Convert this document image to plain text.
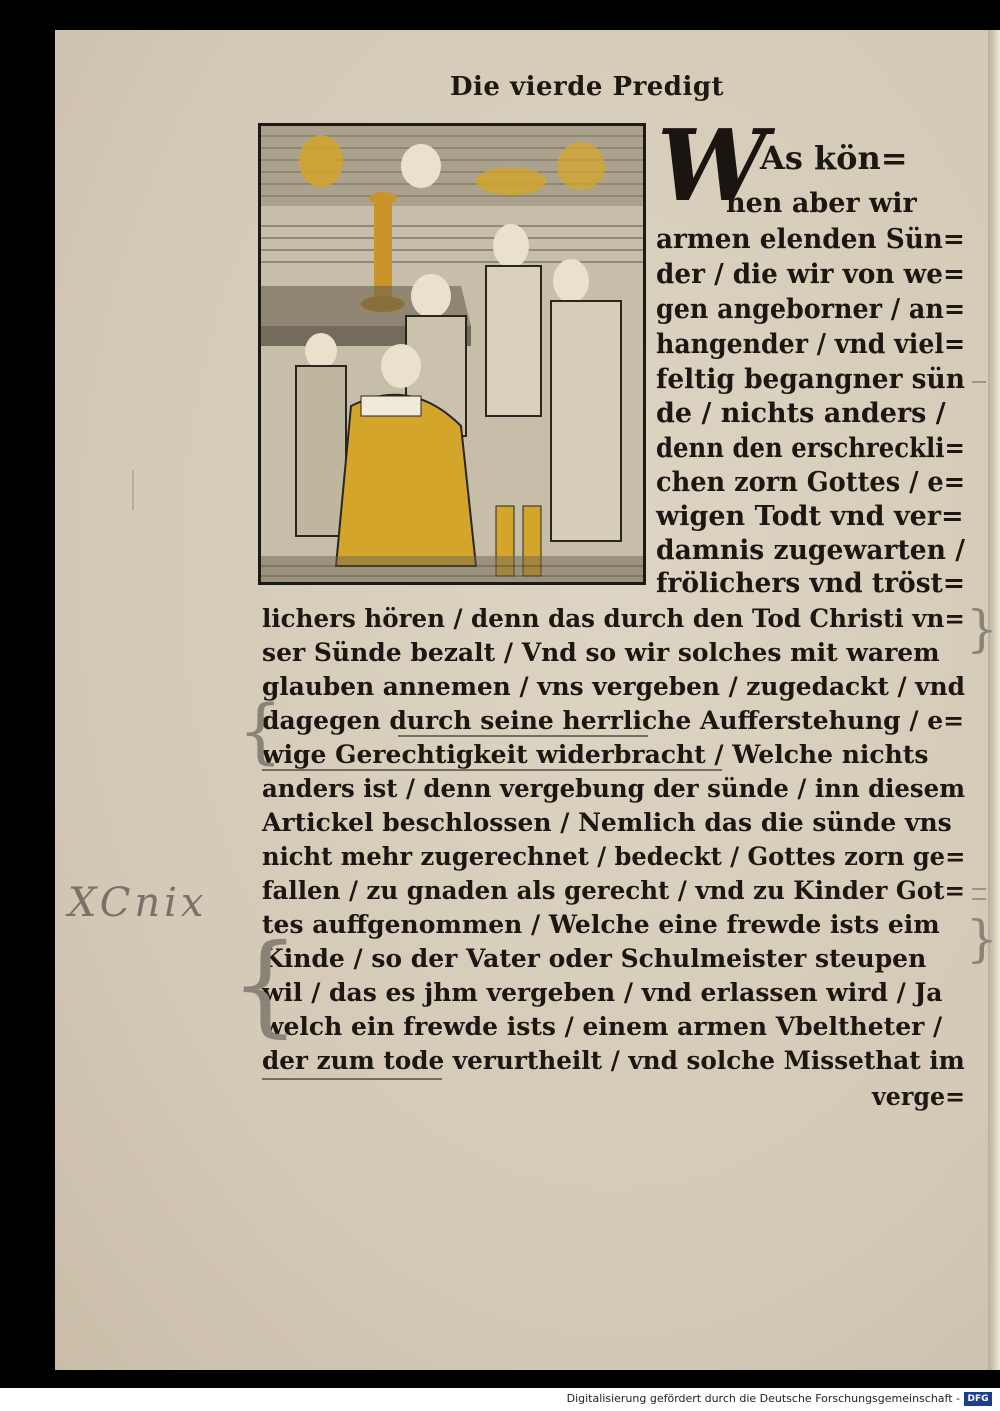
Die vierde Predigt
W
As kön=
nen aber wir
armen elenden Sün=
der / die wir von we=
gen angeborner / an=
hangender / vnd viel=
feltig begangner sün
de / nichts anders /
denn den erschreckli=
chen zorn Gottes / e=
wigen Todt vnd ver=
damnis zugewarten /
frölichers vnd tröst=
lichers hören / denn das durch den Tod Christi vn=
ser Sünde bezalt / Vnd so wir solches mit warem
glauben annemen / vns vergeben / zugedackt / vnd
dagegen durch seine herrliche Aufferstehung / e=
wige Gerechtigkeit widerbracht / Welche nichts
anders ist / denn vergebung der sünde / inn diesem
Artickel beschlossen / Nemlich das die sünde vns
nicht mehr zugerechnet / bedeckt / Gottes zorn ge=
fallen / zu gnaden als gerecht / vnd zu Kinder Got=
tes auffgenommen / Welche eine frewde ists eim
Kinde / so der Vater oder Schulmeister steupen
wil / das es jhm vergeben / vnd erlassen wird / Ja
welch ein frewde ists / einem armen Vbeltheter /
der zum tode verurtheilt / vnd solche Missethat im
verge=
XCnix
{
{
}
}
Digitalisierung gefördert durch die Deutsche Forschungsgemeinschaft - DFG
